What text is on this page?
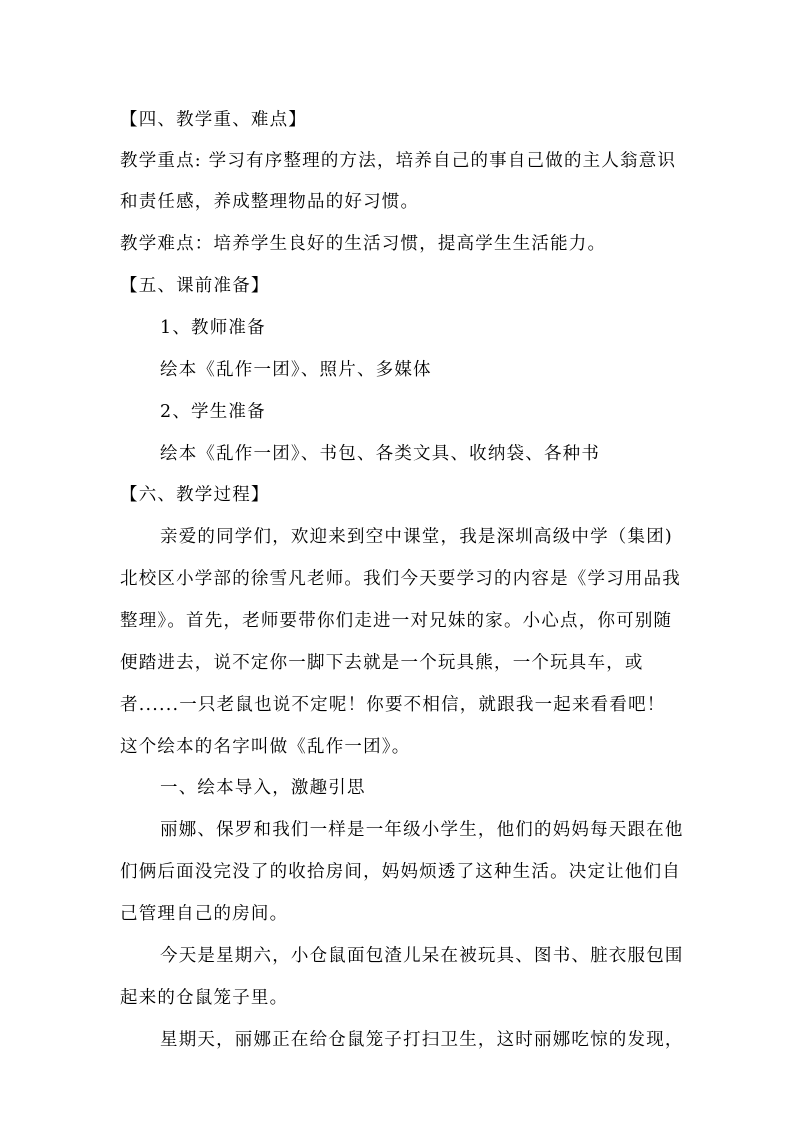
【四、教学重、难点】
教学重点: 学习有序整理的方法，培养自己的事自己做的主人翁意识
和责任感，养成整理物品的好习惯。
教学难点：培养学生良好的生活习惯，提高学生生活能力。
【五、课前准备】
1、教师准备
绘本《乱作一团》、照片、多媒体
2、学生准备
绘本《乱作一团》、书包、各类文具、收纳袋、各种书
【六、教学过程】
亲爱的同学们，欢迎来到空中课堂，我是深圳高级中学（集团)
北校区小学部的徐雪凡老师。我们今天要学习的内容是《学习用品我
整理》。首先，老师要带你们走进一对兄妹的家。小心点，你可别随
便踏进去，说不定你一脚下去就是一个玩具熊，一个玩具车，或
者......一只老鼠也说不定呢！你要不相信，就跟我一起来看看吧！
这个绘本的名字叫做《乱作一团》。
一、绘本导入，激趣引思
丽娜、保罗和我们一样是一年级小学生，他们的妈妈每天跟在他
们俩后面没完没了的收拾房间，妈妈烦透了这种生活。决定让他们自
己管理自己的房间。
今天是星期六，小仓鼠面包渣儿呆在被玩具、图书、脏衣服包围
起来的仓鼠笼子里。
星期天，丽娜正在给仓鼠笼子打扫卫生，这时丽娜吃惊的发现，
